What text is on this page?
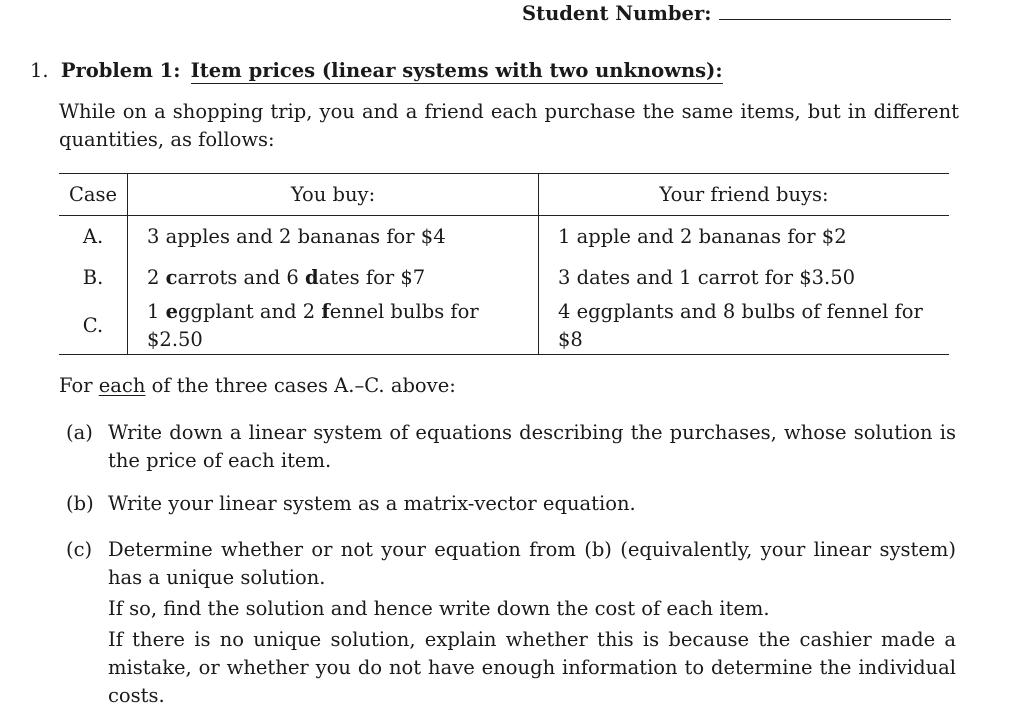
Student Number:
1. Problem 1: Item prices (linear systems with two unknowns):
While on a shopping trip, you and a friend each purchase the same items, but in different quantities, as follows:
Case	You buy:	Your friend buys:
A.	3 apples and 2 bananas for $4	1 apple and 2 bananas for $2
B.	2 carrots and 6 dates for $7	3 dates and 1 carrot for $3.50
C.	1 eggplant and 2 fennel bulbs for $2.50	4 eggplants and 8 bulbs of fennel for $8
For each of the three cases A.–C. above:
(a) Write down a linear system of equations describing the purchases, whose solution is the price of each item.
(b) Write your linear system as a matrix-vector equation.
(c) Determine whether or not your equation from (b) (equivalently, your linear system) has a unique solution.
If so, find the solution and hence write down the cost of each item.
If there is no unique solution, explain whether this is because the cashier made a mistake, or whether you do not have enough information to determine the individual costs.
